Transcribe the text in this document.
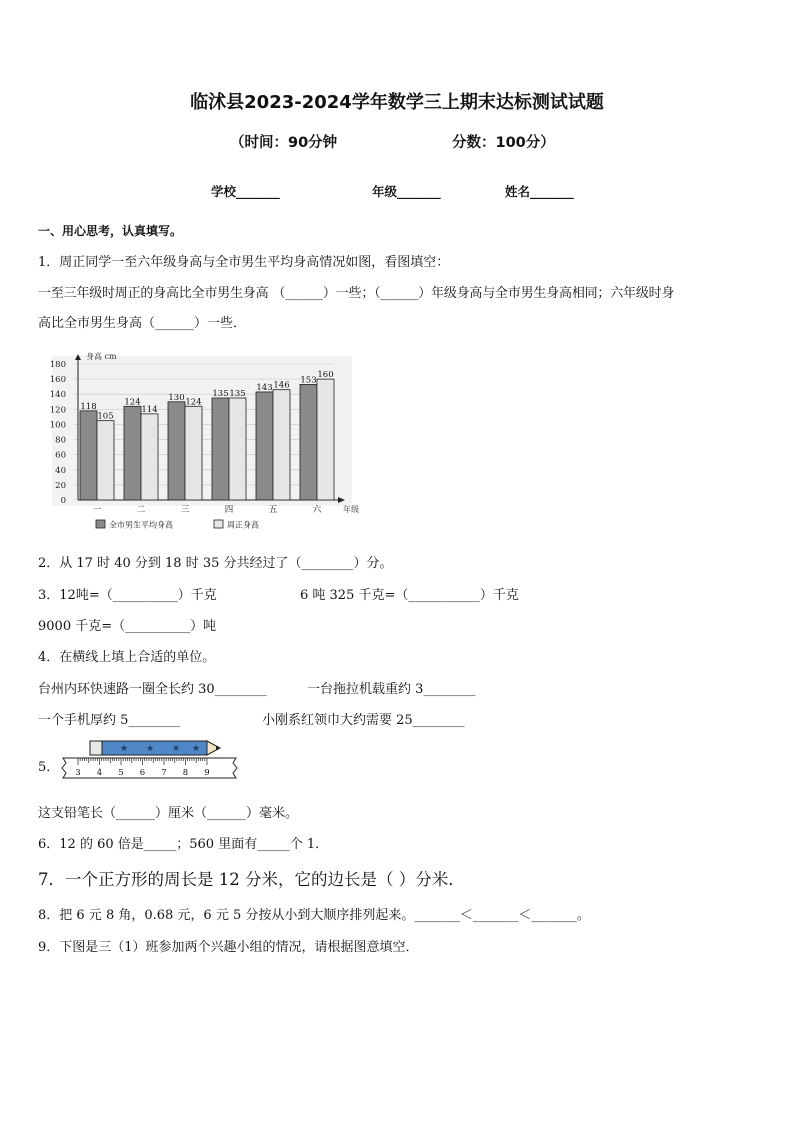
临沭县2023-2024学年数学三上期末达标测试试题
（时间：90分钟	分数：100分）
学校_______	年级_______	姓名_______
一、用心思考，认真填写。
1．周正同学一至六年级身高与全市男生平均身高情况如图，看图填空：
一至三年级时周正的身高比全市男生身高 （______）一些；（______）年级身高与全市男生身高相同；六年级时身
高比全市男生身高（______）一些．
0
20
40
60
80
100
120
140
160
180
身高 cm
年级
118
105
一
124
114
二
130 124
三
135 135
四
143 146
五
153
160
六
全市男生平均身高	周正身高
2．从 17 时 40 分到 18 时 35 分共经过了（________）分。
3．12吨=（__________）千克	6 吨 325 千克=（___________）千克
9000 千克=（__________）吨
4．在横线上填上合适的单位。
台州内环快速路一圈全长约 30________	一台拖拉机载重约 3________
一个手机厚约 5________	小刚系红领巾大约需要 25________
5．
★ ★ ★ ★
3 4 5 6 7 8 9
这支铅笔长（______）厘米（______）毫米。
6．12 的 60 倍是_____；560 里面有_____个 1．
7．一个正方形的周长是 12 分米，它的边长是（ ）分米．
8．把 6 元 8 角，0.68 元，6 元 5 分按从小到大顺序排列起来。_______＜_______＜_______。
9．下图是三（1）班参加两个兴趣小组的情况，请根据图意填空．
